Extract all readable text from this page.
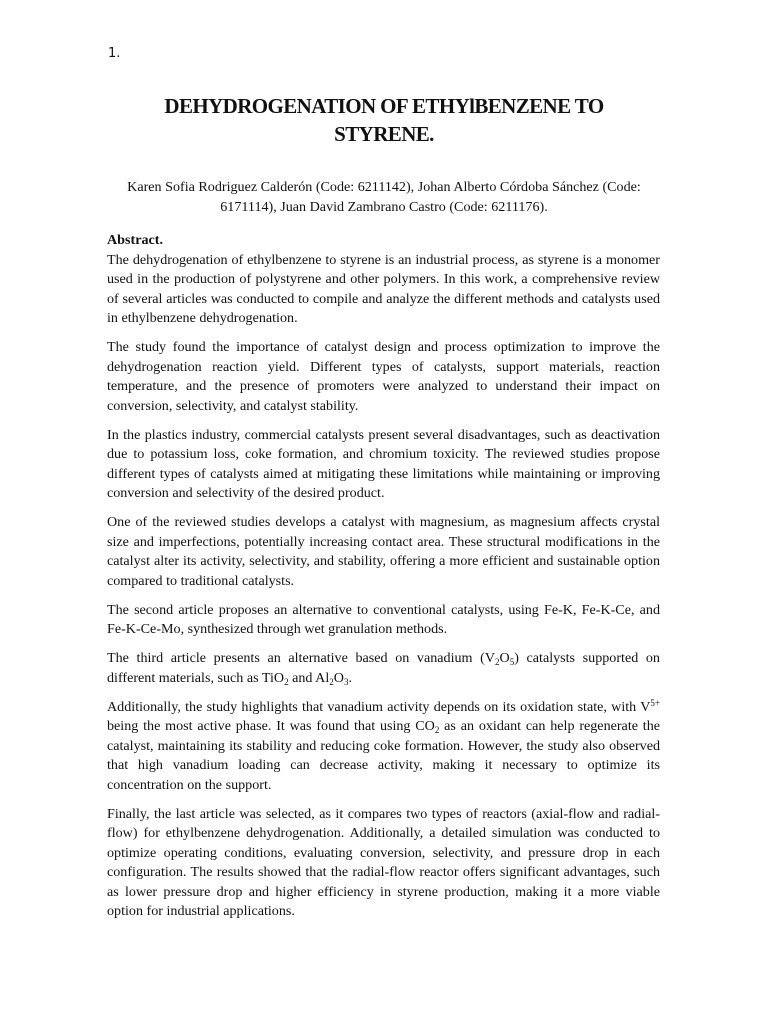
1.
DEHYDROGENATION OF ETHYlBENZENE TO
STYRENE.
Karen Sofia Rodriguez Calderón (Code: 6211142), Johan Alberto Córdoba Sánchez (Code: 6171114), Juan David Zambrano Castro (Code: 6211176).
Abstract.

The dehydrogenation of ethylbenzene to styrene is an industrial process, as styrene is a monomer used in the production of polystyrene and other polymers. In this work, a comprehensive review of several articles was conducted to compile and analyze the different methods and catalysts used in ethylbenzene dehydrogenation.

The study found the importance of catalyst design and process optimization to improve the dehydrogenation reaction yield. Different types of catalysts, support materials, reaction temperature, and the presence of promoters were analyzed to understand their impact on conversion, selectivity, and catalyst stability.

In the plastics industry, commercial catalysts present several disadvantages, such as deactivation due to potassium loss, coke formation, and chromium toxicity. The reviewed studies propose different types of catalysts aimed at mitigating these limitations while maintaining or improving conversion and selectivity of the desired product.

One of the reviewed studies develops a catalyst with magnesium, as magnesium affects crystal size and imperfections, potentially increasing contact area. These structural modifications in the catalyst alter its activity, selectivity, and stability, offering a more efficient and sustainable option compared to traditional catalysts.

The second article proposes an alternative to conventional catalysts, using Fe-K, Fe-K-Ce, and Fe-K-Ce-Mo, synthesized through wet granulation methods.

The third article presents an alternative based on vanadium $(V_2O_5)$ catalysts supported on different materials, such as TiO$_2$ and $Al_2O_3$.

Additionally, the study highlights that vanadium activity depends on its oxidation state, with $V^{5+}$ being the most active phase. It was found that using $CO_2$ as an oxidant can help regenerate the catalyst, maintaining its stability and reducing coke formation. However, the study also observed that high vanadium loading can decrease activity, making it necessary to optimize its concentration on the support.

Finally, the last article was selected, as it compares two types of reactors (axial-flow and radial-flow) for ethylbenzene dehydrogenation. Additionally, a detailed simulation was conducted to optimize operating conditions, evaluating conversion, selectivity, and pressure drop in each configuration. The results showed that the radial-flow reactor offers significant advantages, such as lower pressure drop and higher efficiency in styrene production, making it a more viable option for industrial applications.
